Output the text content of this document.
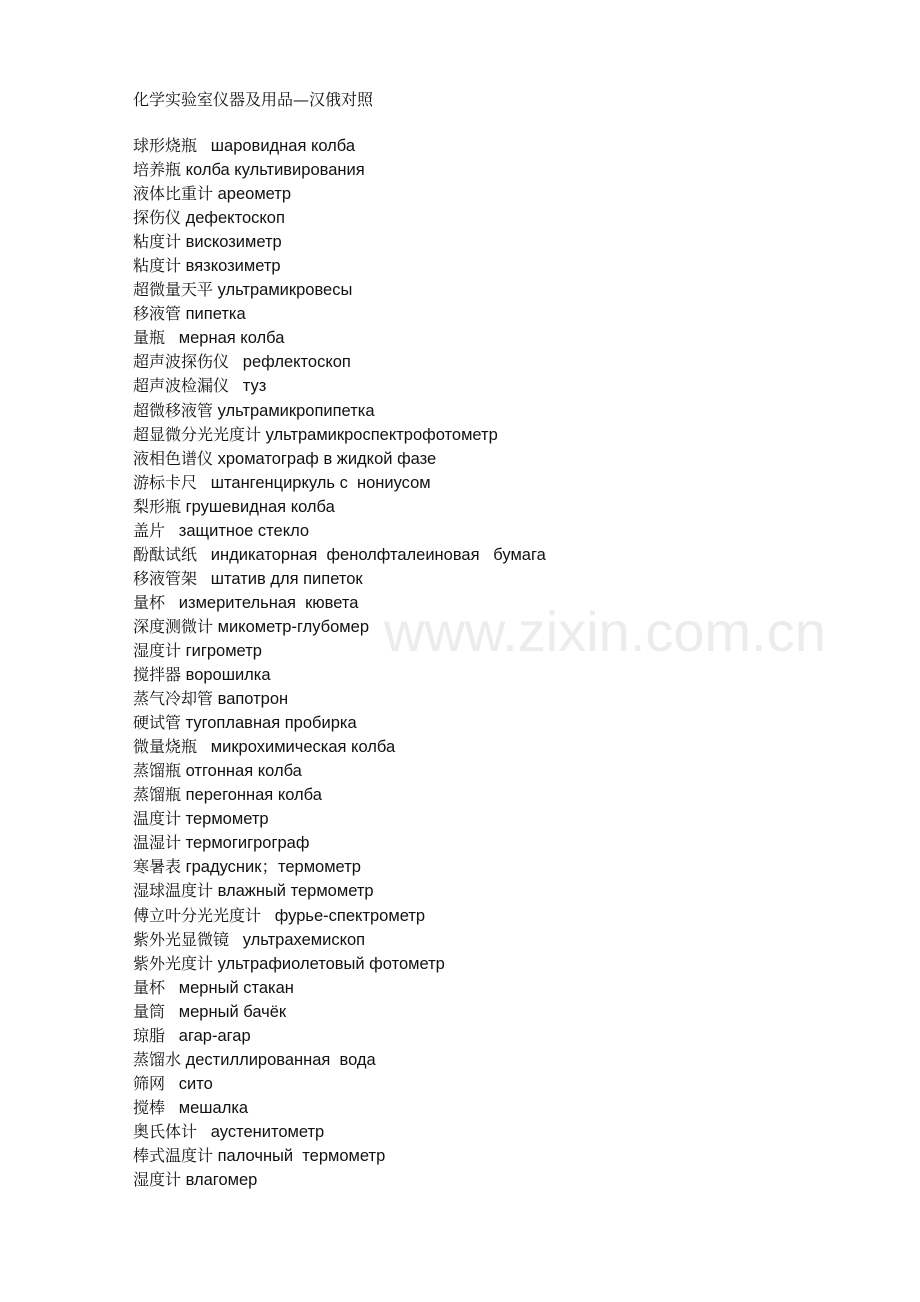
化学实验室仪器及用品—汉俄对照
球形烧瓶 шаровидная колба
培养瓶 колба культивирования
液体比重计 ареометр
探伤仪 дефектоскоп
粘度计 вискозиметр
粘度计 вязкозиметр
超微量天平 ультрамикровесы
移液管 пипетка
量瓶 мерная колба
超声波探伤仪 рефлектоскоп
超声波检漏仪 туз
超微移液管 ультрамикропипетка
超显微分光光度计 ультрамикроспектрофотометр
液相色谱仪 хроматограф в жидкой фазе
游标卡尺 штангенциркуль с  нониусом
梨形瓶 грушевидная колба
盖片 защитное стекло
酚酞试纸 индикаторная  фенолфталеиновая   бумага
移液管架 штатив для пипеток
量杯 измерительная  кювета
深度测微计 микометр-глубомер
湿度计 гигрометр
搅拌器 ворошилка
蒸气冷却管 вапотрон
硬试管 тугоплавная пробирка
微量烧瓶 микрохимическая колба
蒸馏瓶 отгонная колба
蒸馏瓶 перегонная колба
温度计 термометр
温湿计 термогигрограф
寒暑表 градусник；термометр
湿球温度计 влажный термометр
傅立叶分光光度计 фурье-спектрометр
紫外光显微镜 ультрахемископ
紫外光度计 ультрафиолетовый фотометр
量杯 мерный стакан
量筒 мерный бачёк
琼脂 агар-агар
蒸馏水 дестиллированная  вода
筛网 сито
搅棒 мешалка
奥氏体计 аустенитометр
棒式温度计 палочный  термометр
湿度计 влагомер
www.zixin.com.cn
